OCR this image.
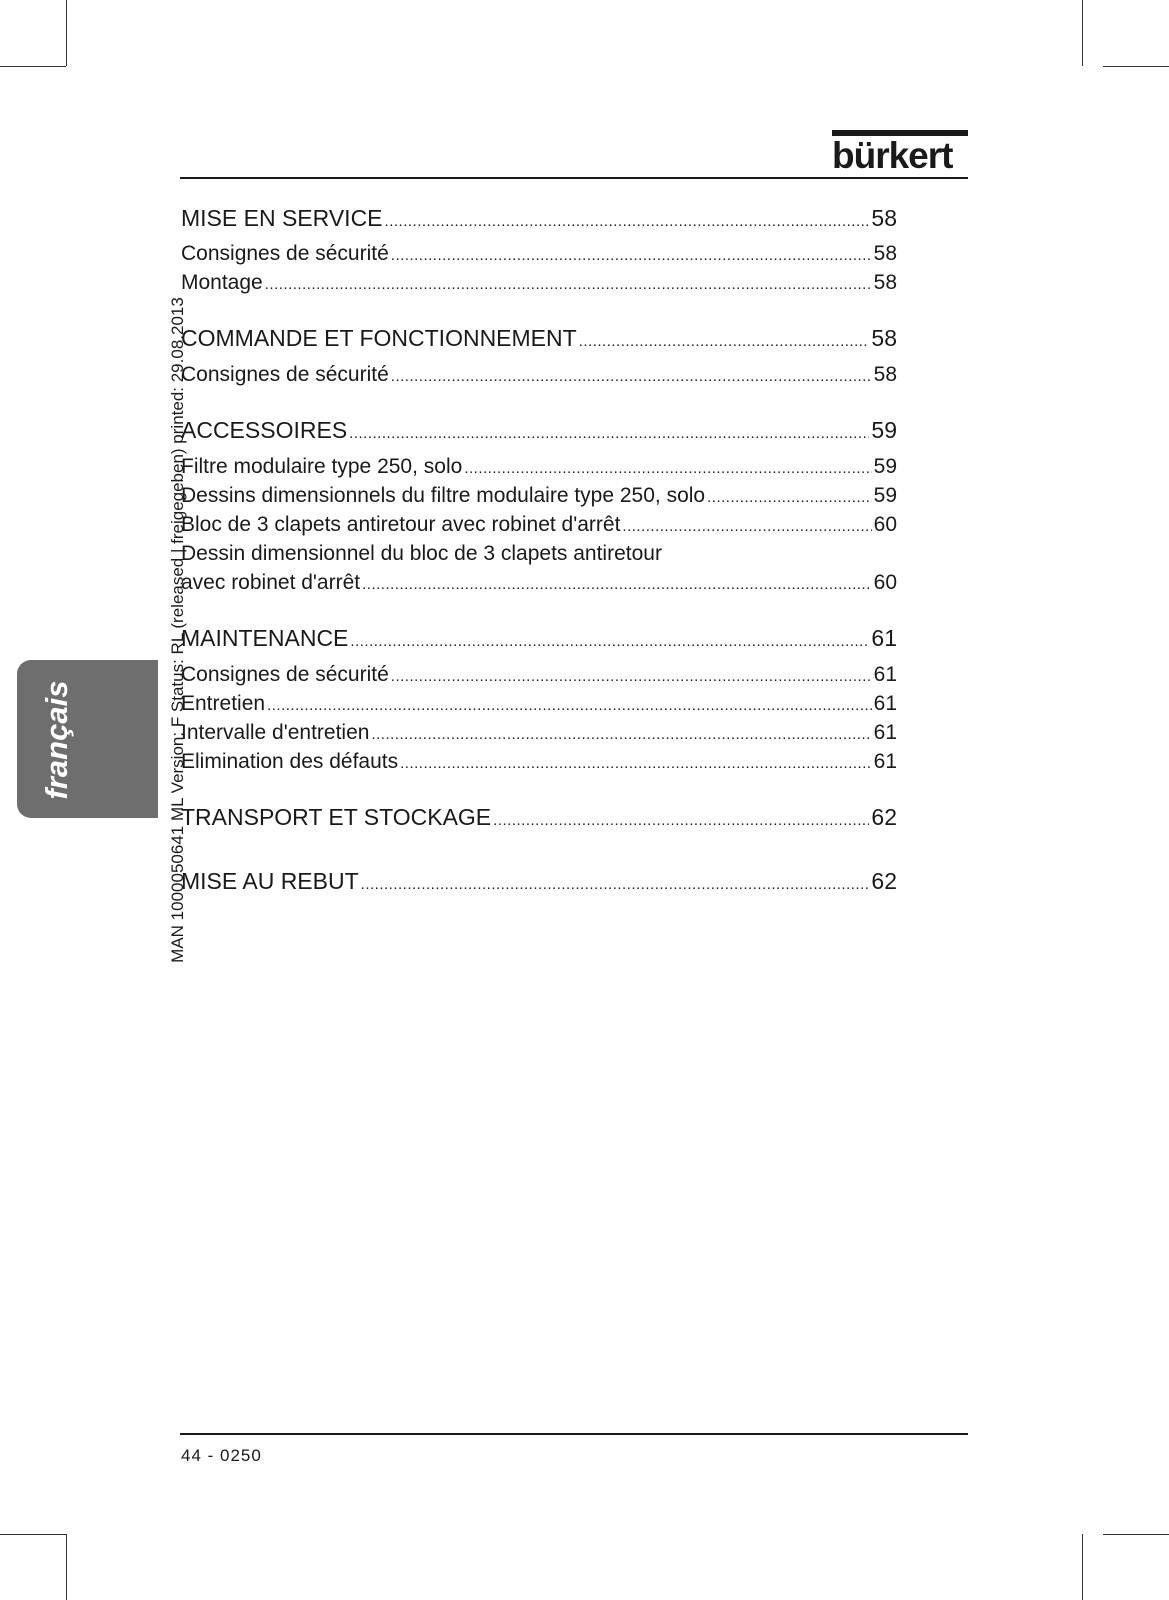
bürkert
français	MAN 1000050641 ML Version: F Status: RL (released | freigegeben) printed: 29.08.2013
MISE EN SERVICE .....	58
Consignes de sécurité .....	58
Montage .....	58
COMMANDE ET FONCTIONNEMENT .....	58
Consignes de sécurité .....	58
ACCESSOIRES .....	59
Filtre modulaire type 250, solo .....	59
Dessins dimensionnels du filtre modulaire type 250, solo .....	59
Bloc de 3 clapets antiretour avec robinet d'arrêt .....	60
Dessin dimensionnel du bloc de 3 clapets antiretour
avec robinet d'arrêt .....	60
MAINTENANCE .....	61
Consignes de sécurité .....	61
Entretien .....	61
Intervalle d'entretien .....	61
Elimination des défauts .....	61
TRANSPORT ET STOCKAGE .....	62
MISE AU REBUT .....	62
44 - 0250
